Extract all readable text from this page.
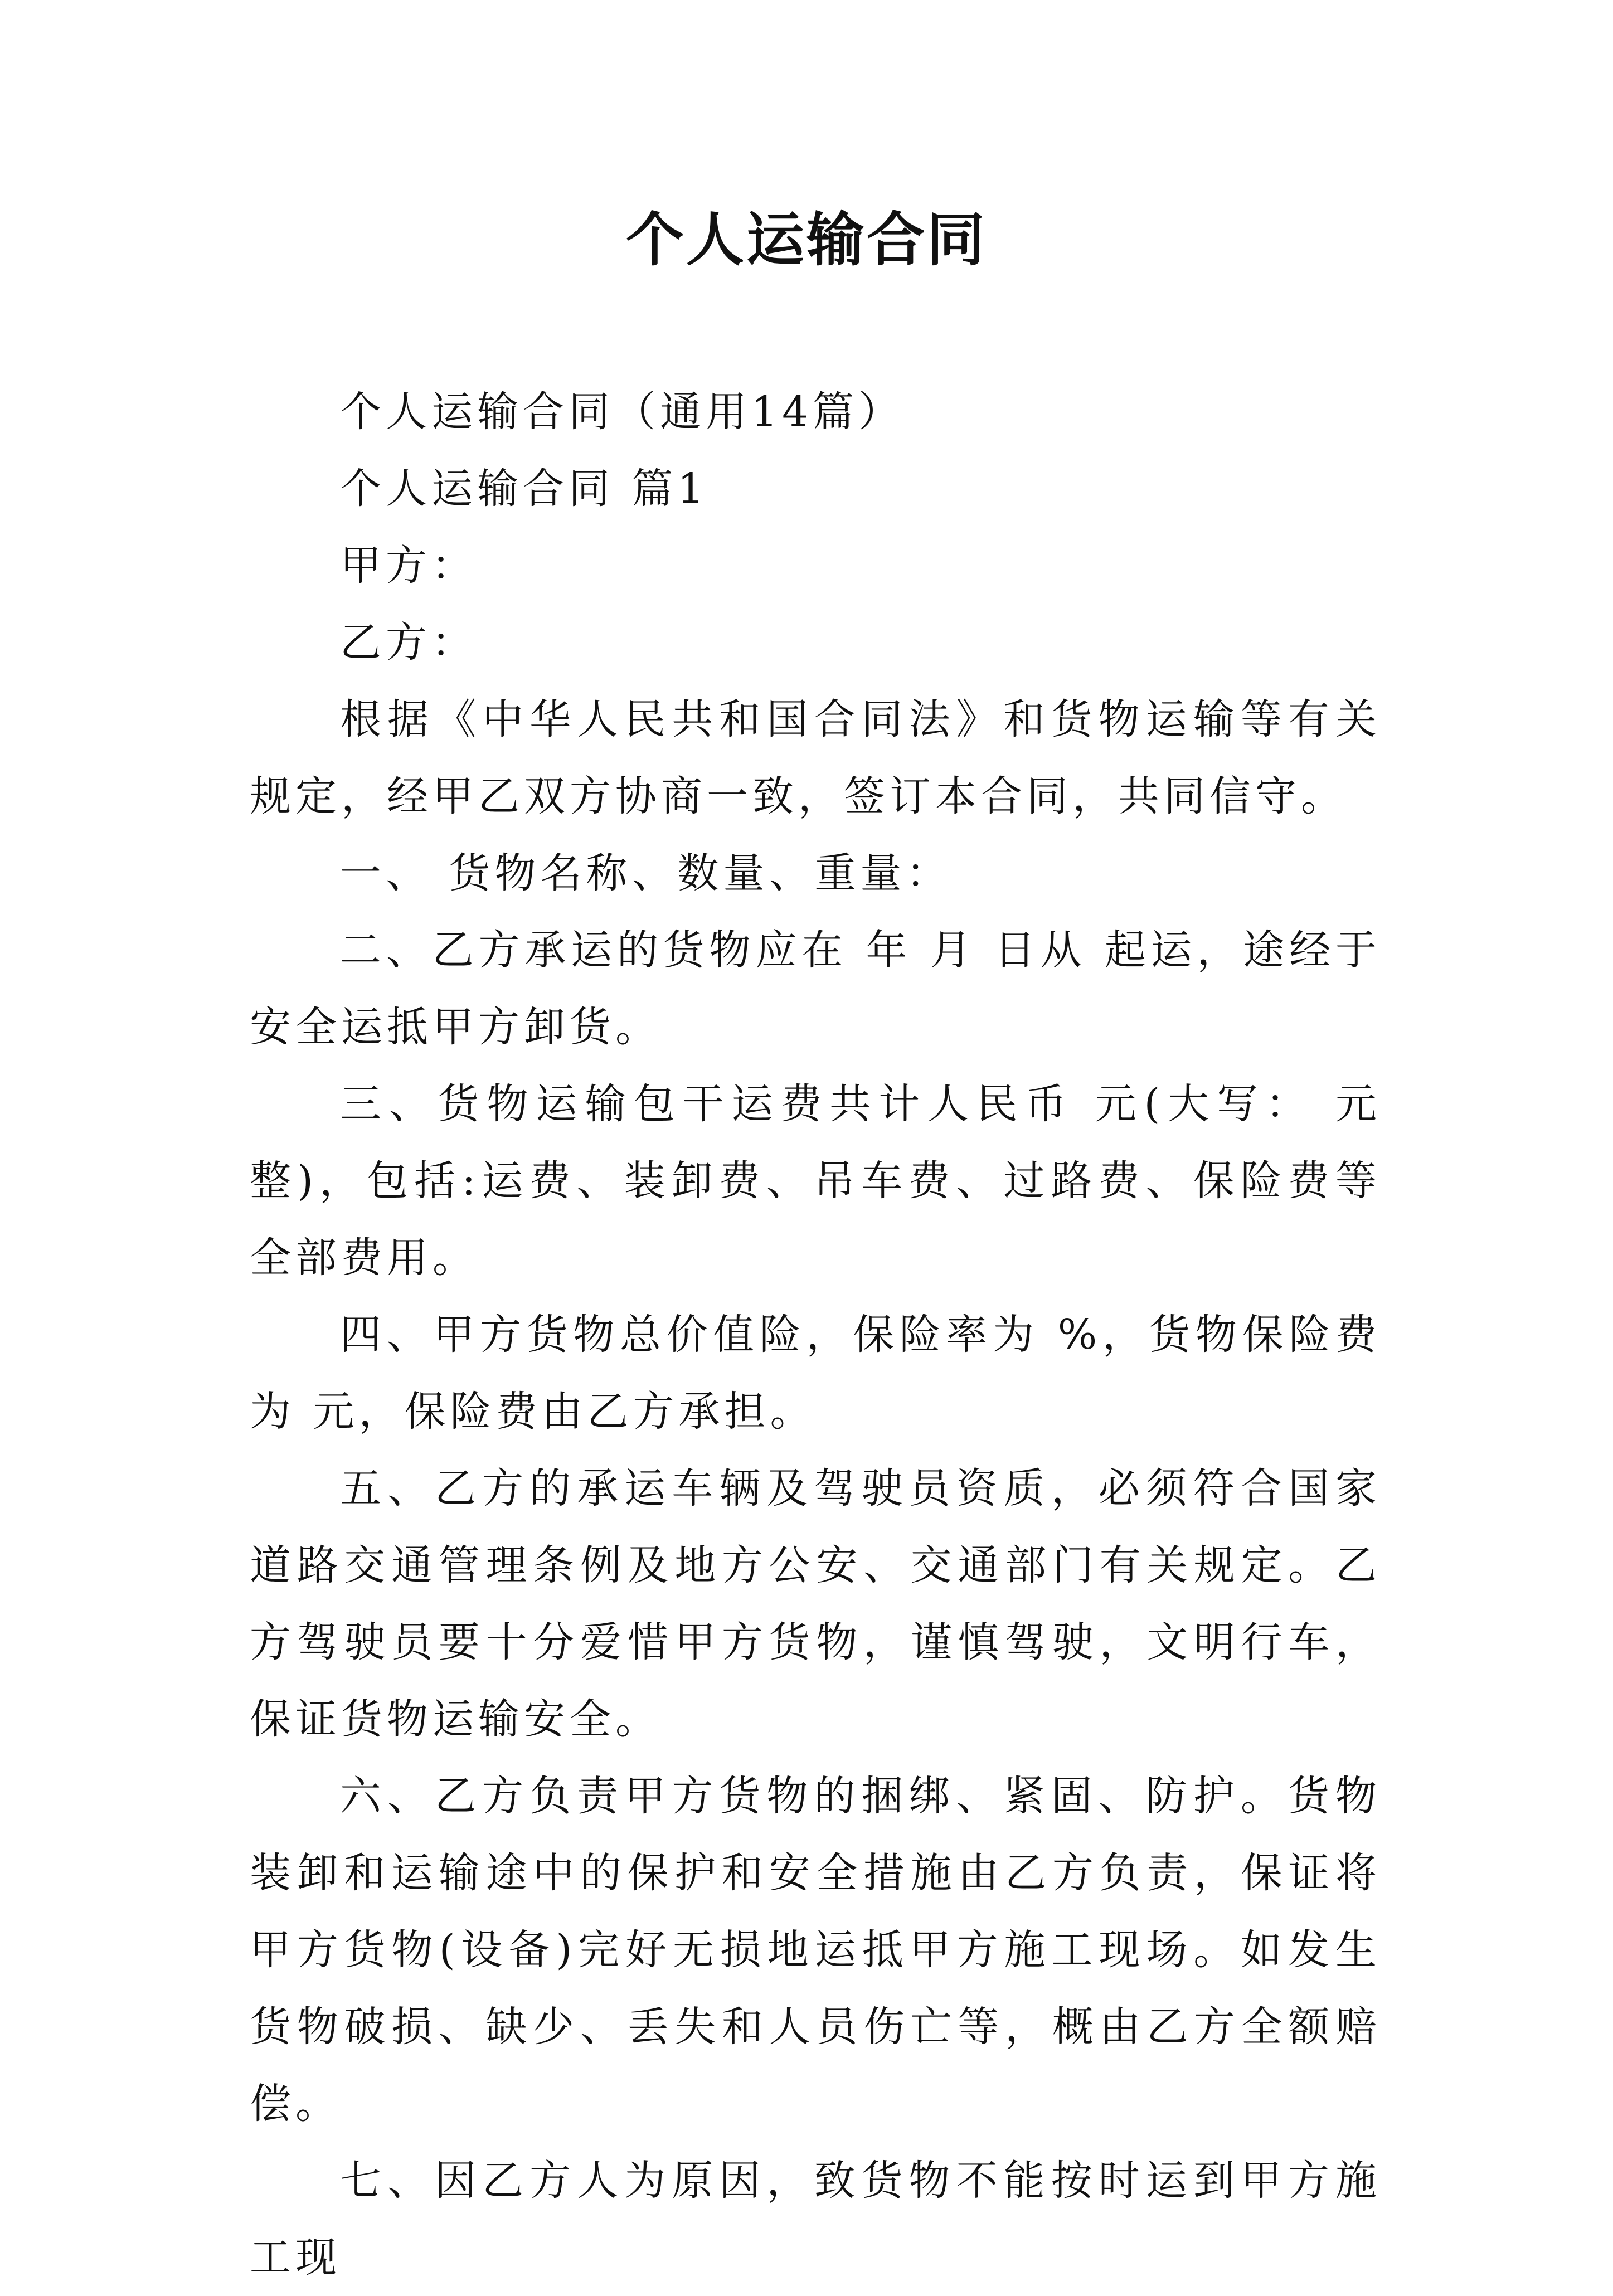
个人运输合同

个人运输合同（通用14篇）

个人运输合同 篇1

甲方：

乙方：

根据《中华人民共和国合同法》和货物运输等有关规定，经甲乙双方协商一致，签订本合同，共同信守。

一、 货物名称、数量、重量：

二、乙方承运的货物应在 年 月 日从 起运，途经于安全运抵甲方卸货。

三、货物运输包干运费共计人民币 元(大写： 元整)，包括:运费、装卸费、吊车费、过路费、保险费等全部费用。

四、甲方货物总价值险，保险率为 %，货物保险费为 元，保险费由乙方承担。

五、乙方的承运车辆及驾驶员资质，必须符合国家道路交通管理条例及地方公安、交通部门有关规定。乙方驾驶员要十分爱惜甲方货物，谨慎驾驶，文明行车，保证货物运输安全。

六、乙方负责甲方货物的捆绑、紧固、防护。货物装卸和运输途中的保护和安全措施由乙方负责，保证将甲方货物(设备)完好无损地运抵甲方施工现场。如发生货物破损、缺少、丢失和人员伤亡等，概由乙方全额赔偿。

七、因乙方人为原因，致货物不能按时运到甲方施工现
